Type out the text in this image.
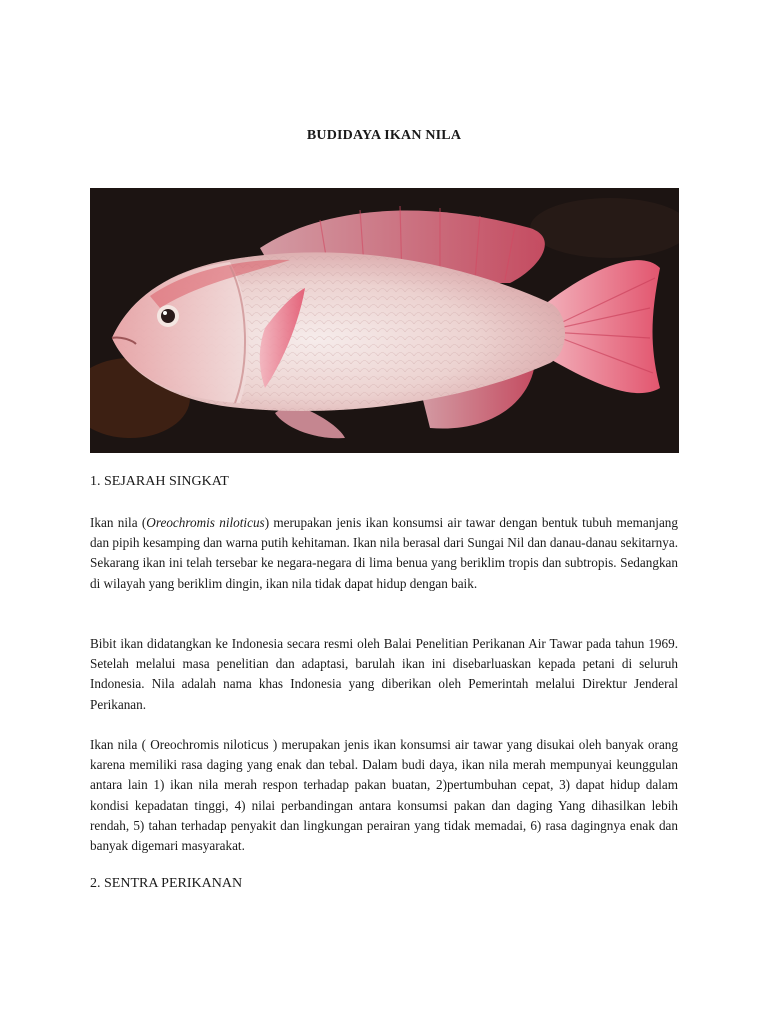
BUDIDAYA IKAN NILA
1. SEJARAH SINGKAT
Ikan nila (Oreochromis niloticus) merupakan jenis ikan konsumsi air tawar dengan bentuk tubuh memanjang dan pipih kesamping dan warna putih kehitaman. Ikan nila berasal dari Sungai Nil dan danau-danau sekitarnya. Sekarang ikan ini telah tersebar ke negara-negara di lima benua yang beriklim tropis dan subtropis. Sedangkan di wilayah yang beriklim dingin, ikan nila tidak dapat hidup dengan baik.
Bibit ikan didatangkan ke Indonesia secara resmi oleh Balai Penelitian Perikanan Air Tawar pada tahun 1969. Setelah melalui masa penelitian dan adaptasi, barulah ikan ini disebarluaskan kepada petani di seluruh Indonesia. Nila adalah nama khas Indonesia yang diberikan oleh Pemerintah melalui Direktur Jenderal Perikanan.
Ikan nila ( Oreochromis niloticus ) merupakan jenis ikan konsumsi air tawar yang disukai oleh banyak orang karena memiliki rasa daging yang enak dan tebal. Dalam budi daya, ikan nila merah mempunyai keunggulan antara lain 1) ikan nila merah respon terhadap pakan buatan, 2)pertumbuhan cepat, 3) dapat hidup dalam kondisi kepadatan tinggi, 4) nilai perbandingan antara konsumsi pakan dan daging Yang dihasilkan lebih rendah, 5) tahan terhadap penyakit dan lingkungan perairan yang tidak memadai, 6) rasa dagingnya enak dan banyak digemari masyarakat.
2. SENTRA PERIKANAN
